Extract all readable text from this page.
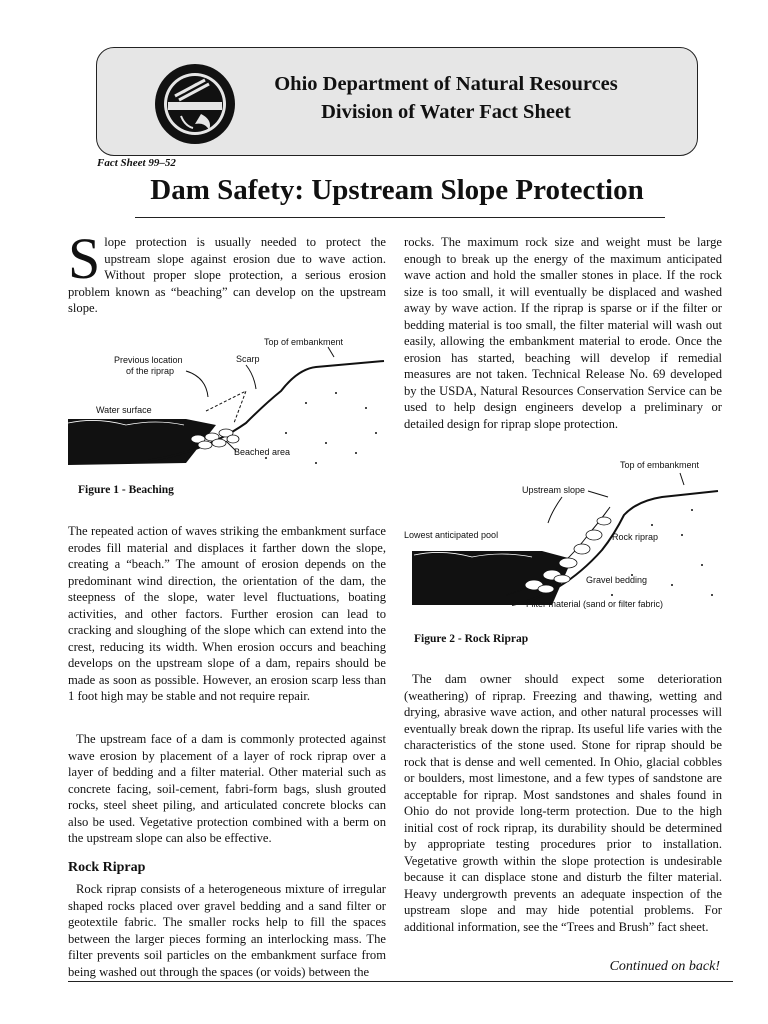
Ohio Department of Natural Resources
Division of Water Fact Sheet
Fact Sheet 99–52
Dam Safety: Upstream Slope Protection

Slope protection is usually needed to protect the upstream slope against erosion due to wave action. Without proper slope protection, a serious erosion problem known as “beaching” can develop on the upstream slope.

Top of embankment
Previous location
of the riprap
Scarp
Water surface
Beached area
Figure 1 - Beaching

The repeated action of waves striking the embankment surface erodes fill material and displaces it farther down the slope, creating a “beach.” The amount of erosion depends on the predominant wind direction, the orientation of the dam, the steepness of the slope, water level fluctuations, boating activities, and other factors. Further erosion can lead to cracking and sloughing of the slope which can extend into the crest, reducing its width. When erosion occurs and beaching develops on the upstream slope of a dam, repairs should be made as soon as possible. However, an erosion scarp less than 1 foot high may be stable and not require repair.

The upstream face of a dam is commonly protected against wave erosion by placement of a layer of rock riprap over a layer of bedding and a filter material. Other material such as concrete facing, soil-cement, fabri-form bags, slush grouted rocks, steel sheet piling, and articulated concrete blocks can also be used. Vegetative protection combined with a berm on the upstream slope can also be effective.

Rock Riprap

Rock riprap consists of a heterogeneous mixture of irregular shaped rocks placed over gravel bedding and a sand filter or geotextile fabric. The smaller rocks help to fill the spaces between the larger pieces forming an interlocking mass. The filter prevents soil particles on the embankment surface from being washed out through the spaces (or voids) between the

rocks. The maximum rock size and weight must be large enough to break up the energy of the maximum anticipated wave action and hold the smaller stones in place. If the rock size is too small, it will eventually be displaced and washed away by wave action. If the riprap is sparse or if the filter or bedding material is too small, the filter material will wash out easily, allowing the embankment material to erode. Once the erosion has started, beaching will develop if remedial measures are not taken. Technical Release No. 69 developed by the USDA, Natural Resources Conservation Service can be used to help design engineers develop a preliminary or detailed design for riprap slope protection.

Top of embankment
Upstream slope
Lowest anticipated pool	Rock riprap
Gravel bedding
Filter material (sand or filter fabric)
Figure 2 - Rock Riprap

The dam owner should expect some deterioration (weathering) of riprap. Freezing and thawing, wetting and drying, abrasive wave action, and other natural processes will eventually break down the riprap. Its useful life varies with the characteristics of the stone used. Stone for riprap should be rock that is dense and well cemented. In Ohio, glacial cobbles or boulders, most limestone, and a few types of sandstone are acceptable for riprap. Most sandstones and shales found in Ohio do not provide long-term protection. Due to the high initial cost of rock riprap, its durability should be determined by appropriate testing procedures prior to installation. Vegetative growth within the slope protection is undesirable because it can displace stone and disturb the filter material. Heavy undergrowth prevents an adequate inspection of the upstream slope and may hide potential problems. For additional information, see the “Trees and Brush” fact sheet.

Continued on back!
